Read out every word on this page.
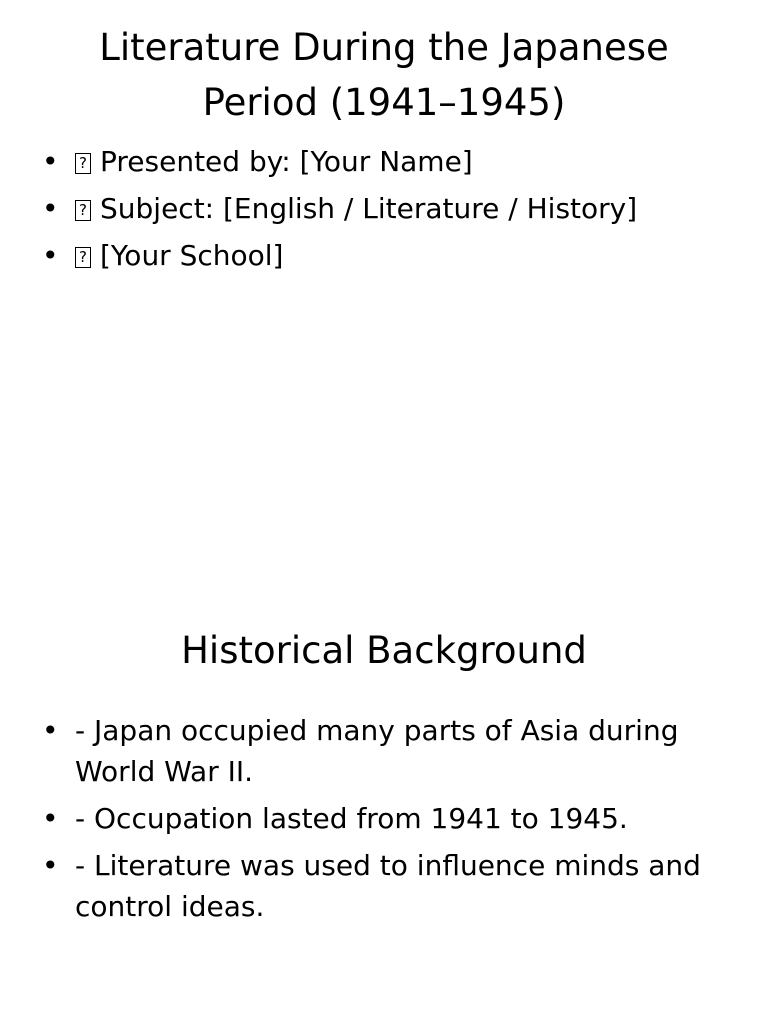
Literature During the Japanese Period (1941–1945)
• ? Presented by: [Your Name]
• ? Subject: [English / Literature / History]
• ? [Your School]
Historical Background
• - Japan occupied many parts of Asia during World War II.
• - Occupation lasted from 1941 to 1945.
• - Literature was used to influence minds and control ideas.
